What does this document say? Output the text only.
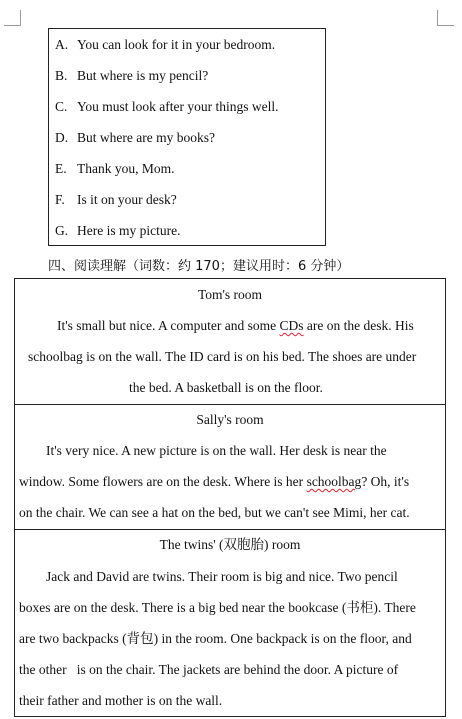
A. You can look for it in your bedroom.
B. But where is my pencil?
C. You must look after your things well.
D. But where are my books?
E. Thank you, Mom.
F. Is it on your desk?
G. Here is my picture.
四、阅读理解（词数：约 170；建议用时：6 分钟）
Tom's room
It's small but nice. A computer and some CDs are on the desk. His
schoolbag is on the wall. The ID card is on his bed. The shoes are under
the bed. A basketball is on the floor.
Sally's room
It's very nice. A new picture is on the wall. Her desk is near the
window. Some flowers are on the desk. Where is her schoolbag? Oh, it's
on the chair. We can see a hat on the bed, but we can't see Mimi, her cat.
The twins' (双胞胎) room
Jack and David are twins. Their room is big and nice. Two pencil
boxes are on the desk. There is a big bed near the bookcase (书柜). There
are two backpacks (背包) in the room. One backpack is on the floor, and
the other   is on the chair. The jackets are behind the door. A picture of
their father and mother is on the wall.
